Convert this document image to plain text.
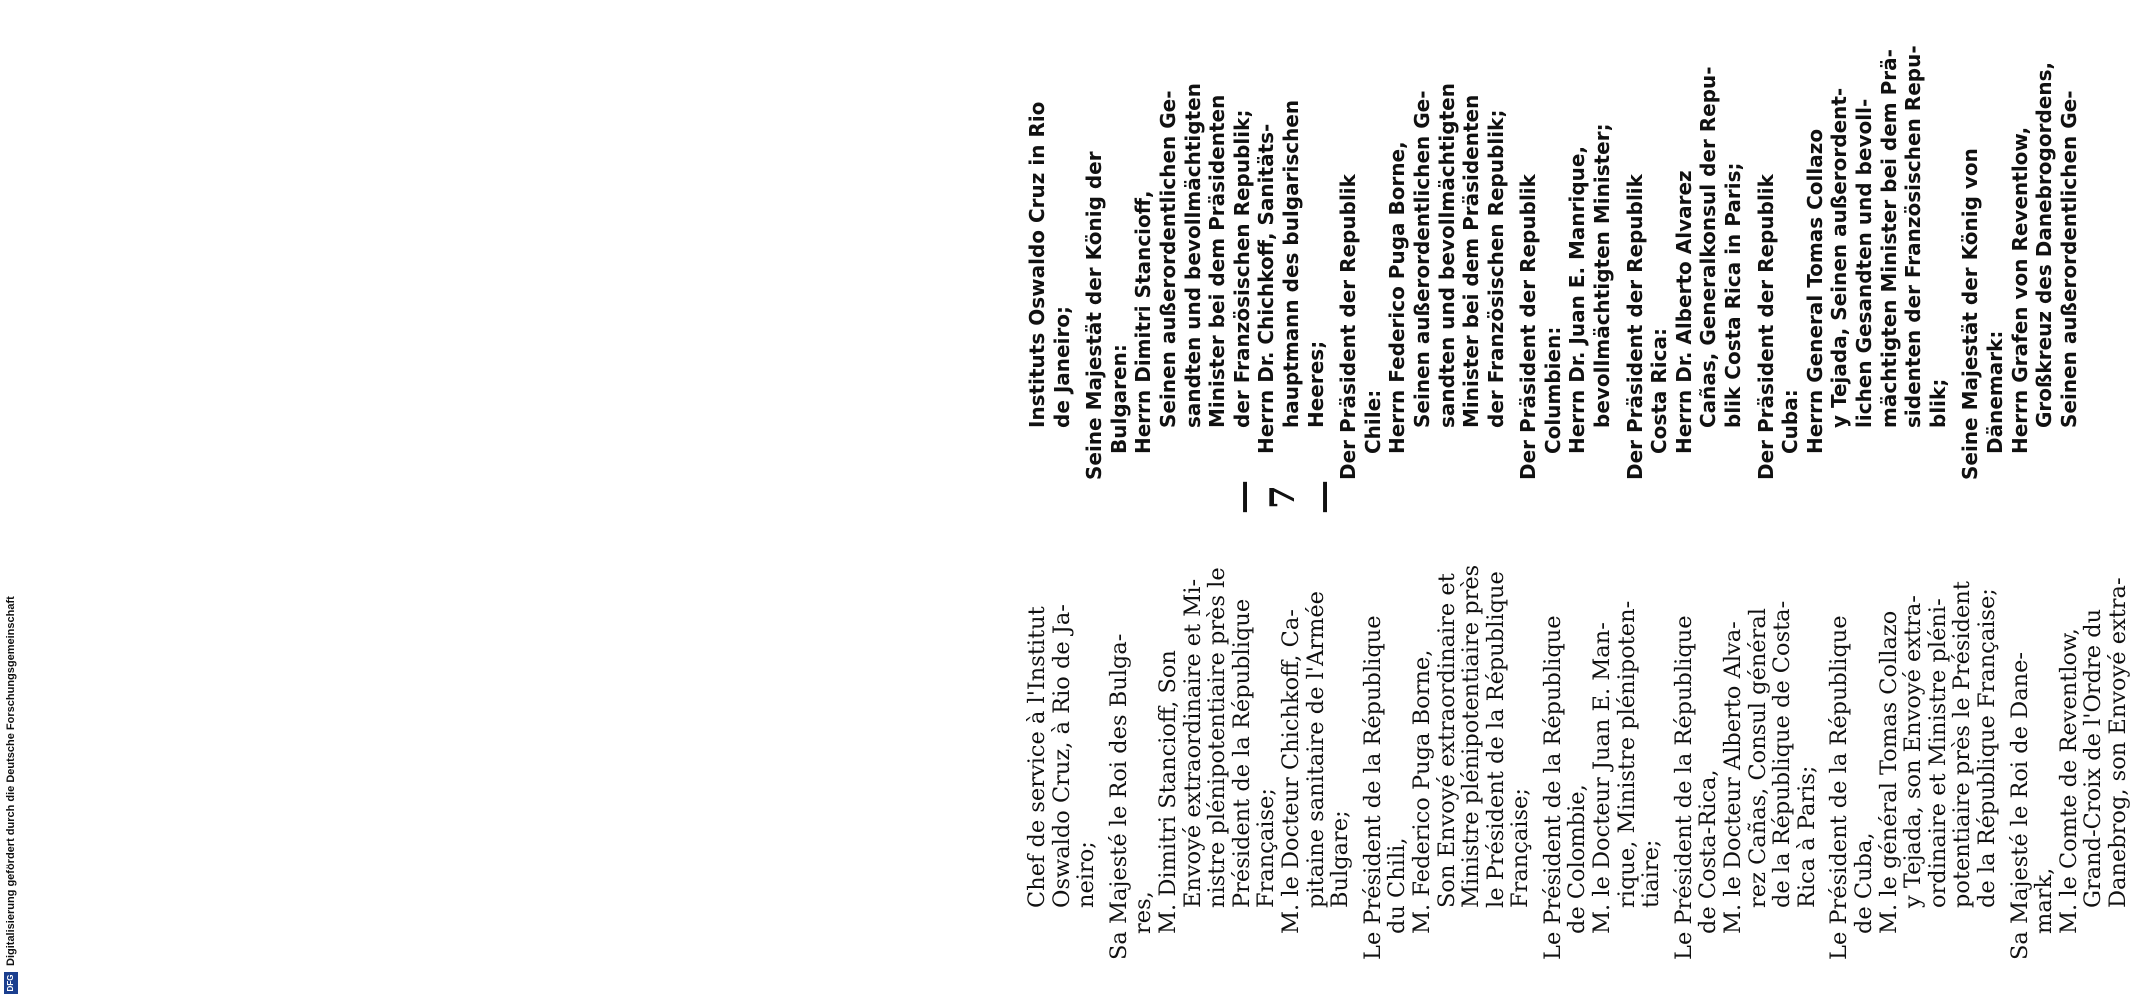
— 7 —
Chef de service à l'Institut
Oswaldo Cruz, à Rio de Ja-
neiro; Sa Majesté le Roi des Bulga-
res,
M. Dimitri Stancioff, Son
Envoyé extraordinaire et Mi-
nistre plénipotentiaire près le
Président de la République
Française;
M. le Docteur Chichkoff, Ca-
pitaine sanitaire de l'Armée
Bulgare; Le Président de la République
du Chili,
M. Federico Puga Borne,
Son Envoyé extraordinaire et
Ministre plénipotentiaire près
le Président de la République
Française; Le Président de la République
de Colombie,
M. le Docteur Juan E. Man-
rique, Ministre plénipoten-
tiaire; Le Président de la République
de Costa-Rica,
M. le Docteur Alberto Alva-
rez Cañas, Consul général
de la République de Costa-
Rica à Paris; Le Président de la République
de Cuba,
M. le général Tomas Collazo
y Tejada, son Envoyé extra-
ordinaire et Ministre pléni-
potentiaire près le Président
de la République Française; Sa Majesté le Roi de Dane-
mark,
M. le Comte de Reventlow,
Grand-Croix de l'Ordre du
Danebrog, son Envoyé extra-
Instituts Oswaldo Cruz in Rio de Janeiro; Seine Majestät der König der Bulgaren: Herrn Dimitri Stancioff, Seinen außerordentlichen Ge- sandten und bevollmächtigten Minister bei dem Präsidenten der Französischen Republik; Herrn Dr. Chichkoff, Sanitäts- hauptmann des bulgarischen Heeres; Der Präsident der Republik Chile: Herrn Federico Puga Borne, Seinen außerordentlichen Ge- sandten und bevollmächtigten Minister bei dem Präsidenten der Französischen Republik; Der Präsident der Republik Columbien: Herrn Dr. Juan E. Manrique, bevollmächtigten Minister; Der Präsident der Republik Costa Rica: Herrn Dr. Alberto Alvarez Cañas, Generalkonsul der Repu- blik Costa Rica in Paris; Der Präsident der Republik Cuba: Herrn General Tomas Collazo y Tejada, Seinen außerordent- lichen Gesandten und bevoll- mächtigten Minister bei dem Prä- sidenten der Französischen Repu- blik; Seine Majestät der König von Dänemark: Herrn Grafen von Reventlow, Großkreuz des Danebrogordens, Seinen außerordentlichen Ge-
DFG
Digitalisierung gefördert durch die Deutsche Forschungsgemeinschaft
